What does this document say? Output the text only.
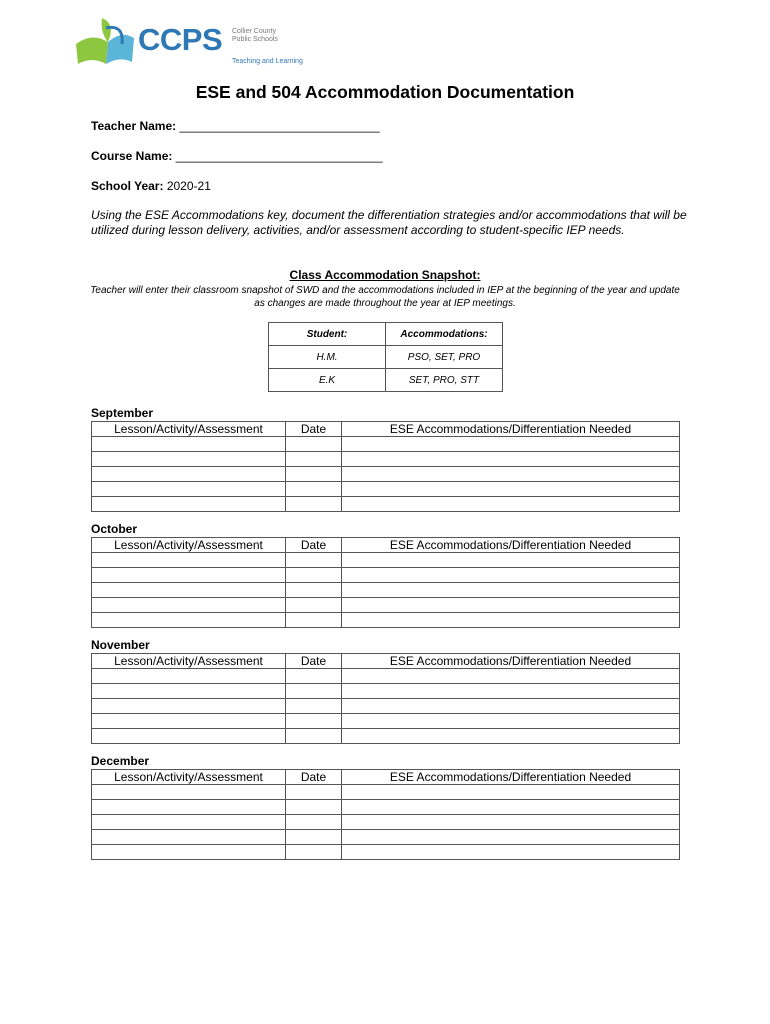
CCPS Collier County
Public Schools
Teaching and Learning
ESE and 504 Accommodation Documentation
Teacher Name: ______________________________
Course Name: _______________________________
School Year: 2020-21
Using the ESE Accommodations key, document the differentiation strategies and/or accommodations that will be utilized during lesson delivery, activities, and/or assessment according to student-specific IEP needs.
Class Accommodation Snapshot:
Teacher will enter their classroom snapshot of SWD and the accommodations included in IEP at the beginning of the year and update as changes are made throughout the year at IEP meetings.
Student:	Accommodations:
H.M.	PSO, SET, PRO
E.K	SET, PRO, STT
September
Lesson/Activity/Assessment	Date	ESE Accommodations/Differentiation Needed

October
Lesson/Activity/Assessment	Date	ESE Accommodations/Differentiation Needed

November
Lesson/Activity/Assessment	Date	ESE Accommodations/Differentiation Needed

December
Lesson/Activity/Assessment	Date	ESE Accommodations/Differentiation Needed
